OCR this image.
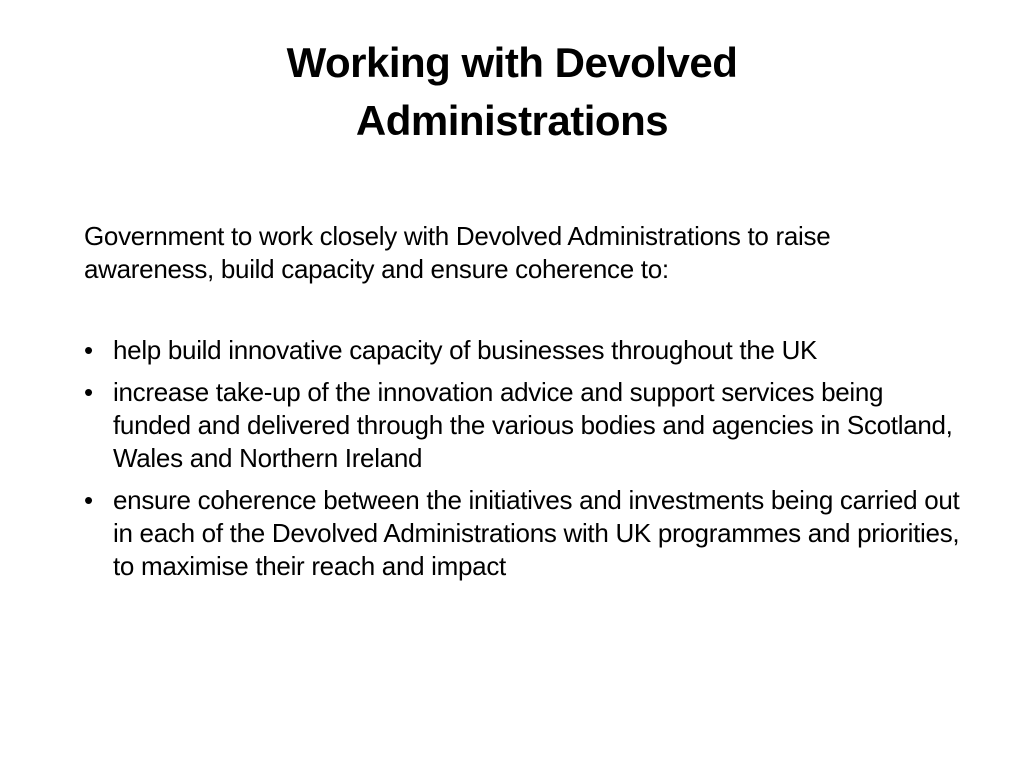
Working with Devolved
Administrations

Government to work closely with Devolved Administrations to raise awareness, build capacity and ensure coherence to:

• help build innovative capacity of businesses throughout the UK
• increase take-up of the innovation advice and support services being funded and delivered through the various bodies and agencies in Scotland, Wales and Northern Ireland
• ensure coherence between the initiatives and investments being carried out in each of the Devolved Administrations with UK programmes and priorities, to maximise their reach and impact
